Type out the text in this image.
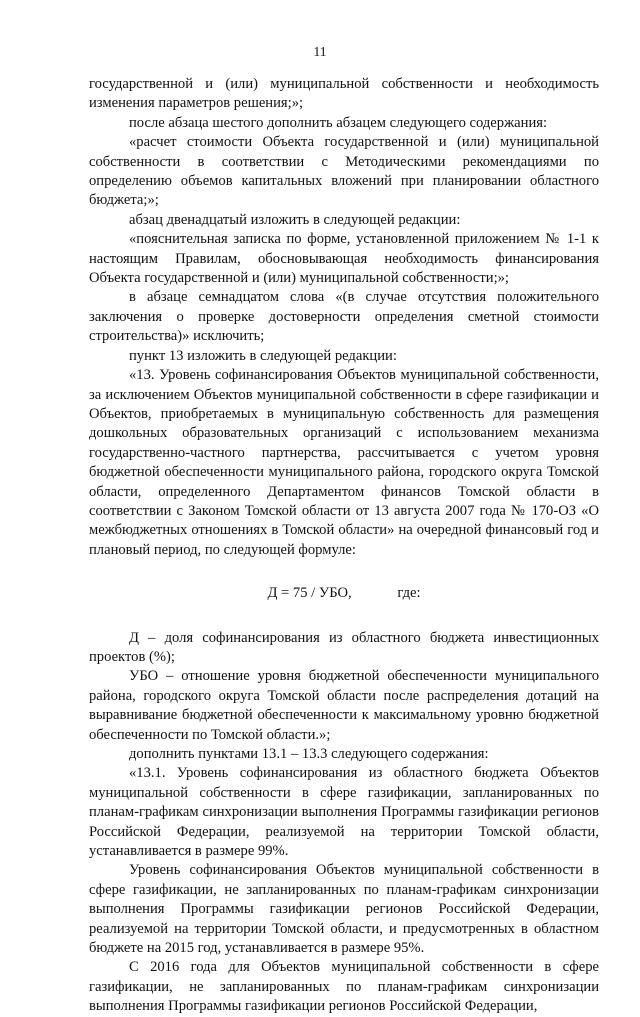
11

государственной и (или) муниципальной собственности и необходимость изменения параметров решения;»;

после абзаца шестого дополнить абзацем следующего содержания:

«расчет стоимости Объекта государственной и (или) муниципальной собственности в соответствии с Методическими рекомендациями по определению объемов капитальных вложений при планировании областного бюджета;»;

абзац двенадцатый изложить в следующей редакции:

«пояснительная записка по форме, установленной приложением № 1-1 к настоящим Правилам, обосновывающая необходимость финансирования Объекта государственной и (или) муниципальной собственности;»;

в абзаце семнадцатом слова «(в случае отсутствия положительного заключения о проверке достоверности определения сметной стоимости строительства)» исключить;

пункт 13 изложить в следующей редакции:

«13. Уровень софинансирования Объектов муниципальной собственности, за исключением Объектов муниципальной собственности в сфере газификации и Объектов, приобретаемых в муниципальную собственность для размещения дошкольных образовательных организаций с использованием механизма государственно-частного партнерства, рассчитывается с учетом уровня бюджетной обеспеченности муниципального района, городского округа Томской области, определенного Департаментом финансов Томской области в соответствии с Законом Томской области от 13 августа 2007 года № 170-ОЗ «О межбюджетных отношениях в Томской области» на очередной финансовый год и плановый период, по следующей формуле:

Д = 75 / УБО,	где:

Д – доля софинансирования из областного бюджета инвестиционных проектов (%);

УБО – отношение уровня бюджетной обеспеченности муниципального района, городского округа Томской области после распределения дотаций на выравнивание бюджетной обеспеченности к максимальному уровню бюджетной обеспеченности по Томской области.»;

дополнить пунктами 13.1 – 13.3 следующего содержания:

«13.1. Уровень софинансирования из областного бюджета Объектов муниципальной собственности в сфере газификации, запланированных по планам-графикам синхронизации выполнения Программы газификации регионов Российской Федерации, реализуемой на территории Томской области, устанавливается в размере 99%.

Уровень софинансирования Объектов муниципальной собственности в сфере газификации, не запланированных по планам-графикам синхронизации выполнения Программы газификации регионов Российской Федерации, реализуемой на территории Томской области, и предусмотренных в областном бюджете на 2015 год, устанавливается в размере 95%.

С 2016 года для Объектов муниципальной собственности в сфере газификации, не запланированных по планам-графикам синхронизации выполнения Программы газификации регионов Российской Федерации,
